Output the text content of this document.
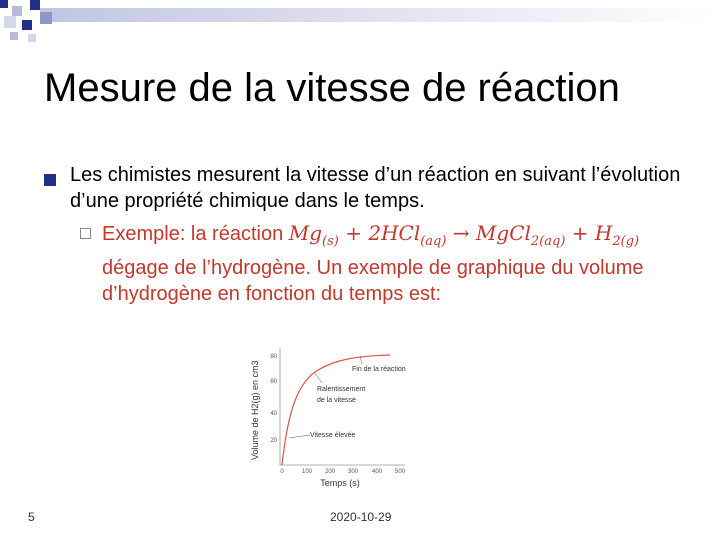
Mesure de la vitesse de réaction
Les chimistes mesurent la vitesse d’un réaction en suivant l’évolution d’une propriété chimique dans le temps.
Exemple: la réaction $Mg_{(s)} + 2HCl_{(aq)}$ → MgCl$_{2(aq)}$ + $H_{2(g)}$ dégage de l’hydrogène. Un exemple de graphique du volume d’hydrogène en fonction du temps est:
Volume de H2(g) en cm3 20
40
60
80
0	100 200 300 400 500
Fin de la réaction
Ralentissement
de la vitesse
Vitesse élevée
Temps (s)
5	2020-10-29
